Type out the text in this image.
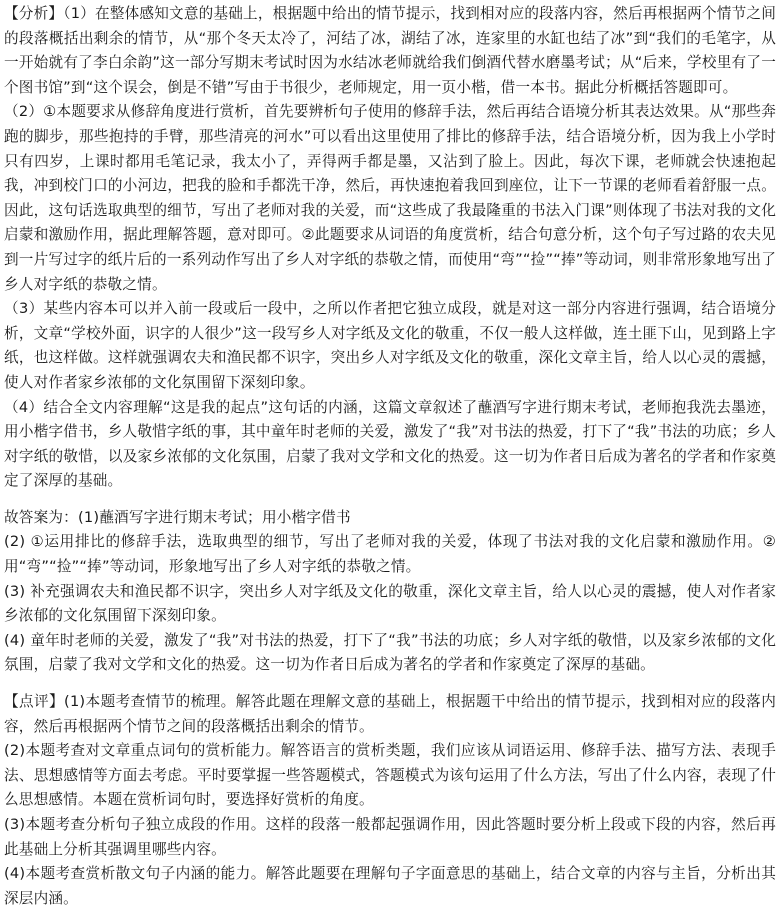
【分析】（1）在整体感知文意的基础上，根据题中给出的情节提示，找到相对应的段落内容，然后再根据两个情节之间的段落概括出剩余的情节，从“那个冬天太冷了，河结了冰，湖结了冰，连家里的水缸也结了冰”到“我们的毛笔字，从一开始就有了李白余韵”这一部分写期末考试时因为水结冰老师就给我们倒酒代替水磨墨考试；从“后来，学校里有了一个图书馆”到“这个误会，倒是不错”写由于书很少，老师规定，用一页小楷，借一本书。据此分析概括答题即可。

（2）①本题要求从修辞角度进行赏析，首先要辨析句子使用的修辞手法，然后再结合语境分析其表达效果。从“那些奔跑的脚步，那些抱持的手臂，那些清亮的河水”可以看出这里使用了排比的修辞手法，结合语境分析，因为我上小学时只有四岁，上课时都用毛笔记录，我太小了，弄得两手都是墨，又沾到了脸上。因此，每次下课，老师就会快速抱起我，冲到校门口的小河边，把我的脸和手都洗干净，然后，再快速抱着我回到座位，让下一节课的老师看着舒服一点。因此，这句话选取典型的细节，写出了老师对我的关爱，而“这些成了我最隆重的书法入门课”则体现了书法对我的文化启蒙和激励作用，据此理解答题，意对即可。②此题要求从词语的角度赏析，结合句意分析，这个句子写过路的农夫见到一片写过字的纸片后的一系列动作写出了乡人对字纸的恭敬之情，而使用“弯”“捡”“捧”等动词，则非常形象地写出了乡人对字纸的恭敬之情。

（3）某些内容本可以并入前一段或后一段中，之所以作者把它独立成段，就是对这一部分内容进行强调，结合语境分析，文章“学校外面，识字的人很少”这一段写乡人对字纸及文化的敬重，不仅一般人这样做，连土匪下山，见到路上字纸，也这样做。这样就强调农夫和渔民都不识字，突出乡人对字纸及文化的敬重，深化文章主旨，给人以心灵的震撼，使人对作者家乡浓郁的文化氛围留下深刻印象。

（4）结合全文内容理解“这是我的起点”这句话的内涵，这篇文章叙述了蘸酒写字进行期末考试，老师抱我洗去墨迹，用小楷字借书，乡人敬惜字纸的事，其中童年时老师的关爱，激发了“我”对书法的热爱，打下了“我”书法的功底；乡人对字纸的敬惜，以及家乡浓郁的文化氛围，启蒙了我对文学和文化的热爱。这一切为作者日后成为著名的学者和作家奠定了深厚的基础。

故答案为：(1)蘸酒写字进行期末考试；用小楷字借书

(2) ①运用排比的修辞手法，选取典型的细节，写出了老师对我的关爱，体现了书法对我的文化启蒙和激励作用。②用“弯”“捡”“捧”等动词，形象地写出了乡人对字纸的恭敬之情。

(3) 补充强调农夫和渔民都不识字，突出乡人对字纸及文化的敬重，深化文章主旨，给人以心灵的震撼，使人对作者家乡浓郁的文化氛围留下深刻印象。

(4) 童年时老师的关爱，激发了“我”对书法的热爱，打下了“我”书法的功底；乡人对字纸的敬惜，以及家乡浓郁的文化氛围，启蒙了我对文学和文化的热爱。这一切为作者日后成为著名的学者和作家奠定了深厚的基础。

【点评】(1)本题考查情节的梳理。解答此题在理解文意的基础上，根据题干中给出的情节提示，找到相对应的段落内容，然后再根据两个情节之间的段落概括出剩余的情节。

(2)本题考查对文章重点词句的赏析能力。解答语言的赏析类题，我们应该从词语运用、修辞手法、描写方法、表现手法、思想感情等方面去考虑。平时要掌握一些答题模式，答题模式为该句运用了什么方法，写出了什么内容，表现了什么思想感情。本题在赏析词句时，要选择好赏析的角度。

(3)本题考查分析句子独立成段的作用。这样的段落一般都起强调作用，因此答题时要分析上段或下段的内容，然后再此基础上分析其强调里哪些内容。

(4)本题考查赏析散文句子内涵的能力。解答此题要在理解句子字面意思的基础上，结合文章的内容与主旨，分析出其深层内涵。
